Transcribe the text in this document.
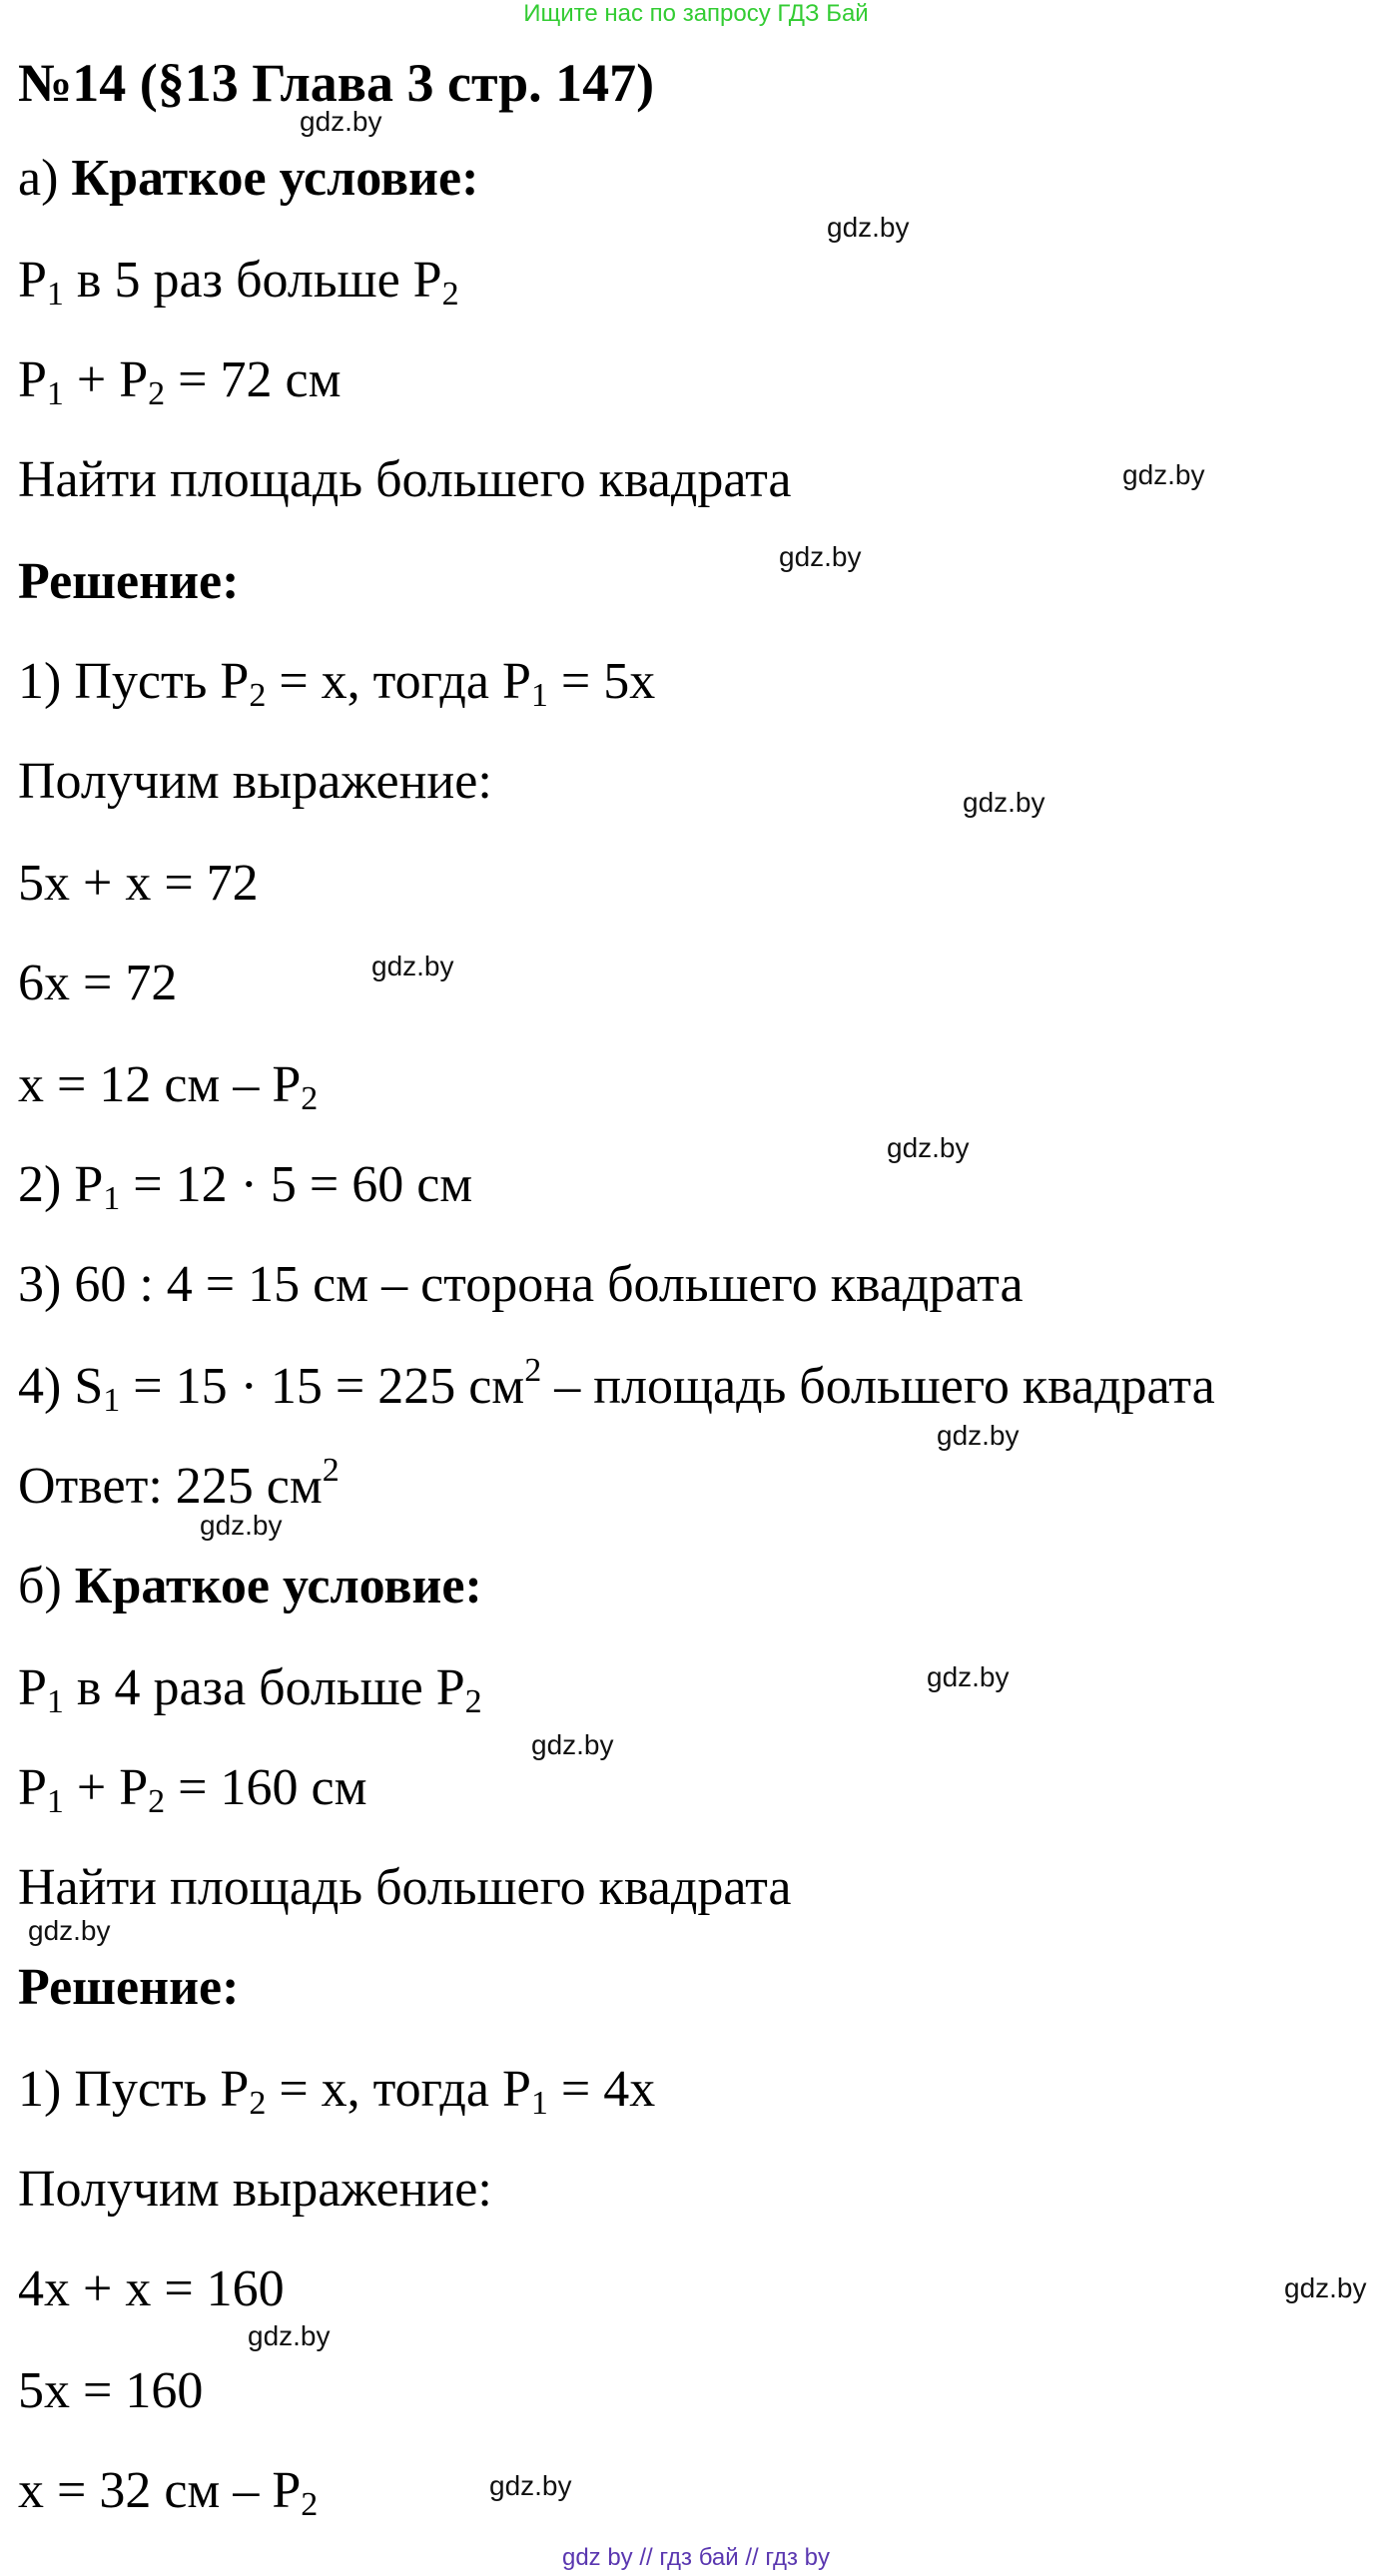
Ищите нас по запросу ГДЗ Бай
№14 (§13 Глава 3 стр. 147)
а) Краткое условие:
$P_1$ в 5 раз больше $P_2$
$P_1 + P_2 = 72$ см
Найти площадь большего квадрата
Решение:
1) Пусть $P_2 = x$, тогда $P_1 = 5x$
Получим выражение:
5x + x = 72
6x = 72
x = 12 см – $P_2$
2) $P_1 = 12 \cdot 5 = 60$ см
3) 60 : 4 = 15 см – сторона большего квадрата
4) $S_1 = 15 \cdot 15 = 225$ $см^2$ – площадь большего квадрата
Ответ: 225 $см^2$
б) Краткое условие:
$P_1$ в 4 раза больше $P_2$
$P_1 + P_2 = 160$ см
Найти площадь большего квадрата
Решение:
1) Пусть $P_2 = x$, тогда $P_1 = 4x$
Получим выражение:
4x + x = 160
5x = 160
x = 32 см – $P_2$
gdz.by
gdz.by
gdz.by
gdz.by
gdz.by
gdz.by
gdz.by
gdz.by
gdz.by
gdz.by
gdz.by
gdz.by
gdz.by
gdz.by
gdz.by
gdz by // гдз бай // гдз by
